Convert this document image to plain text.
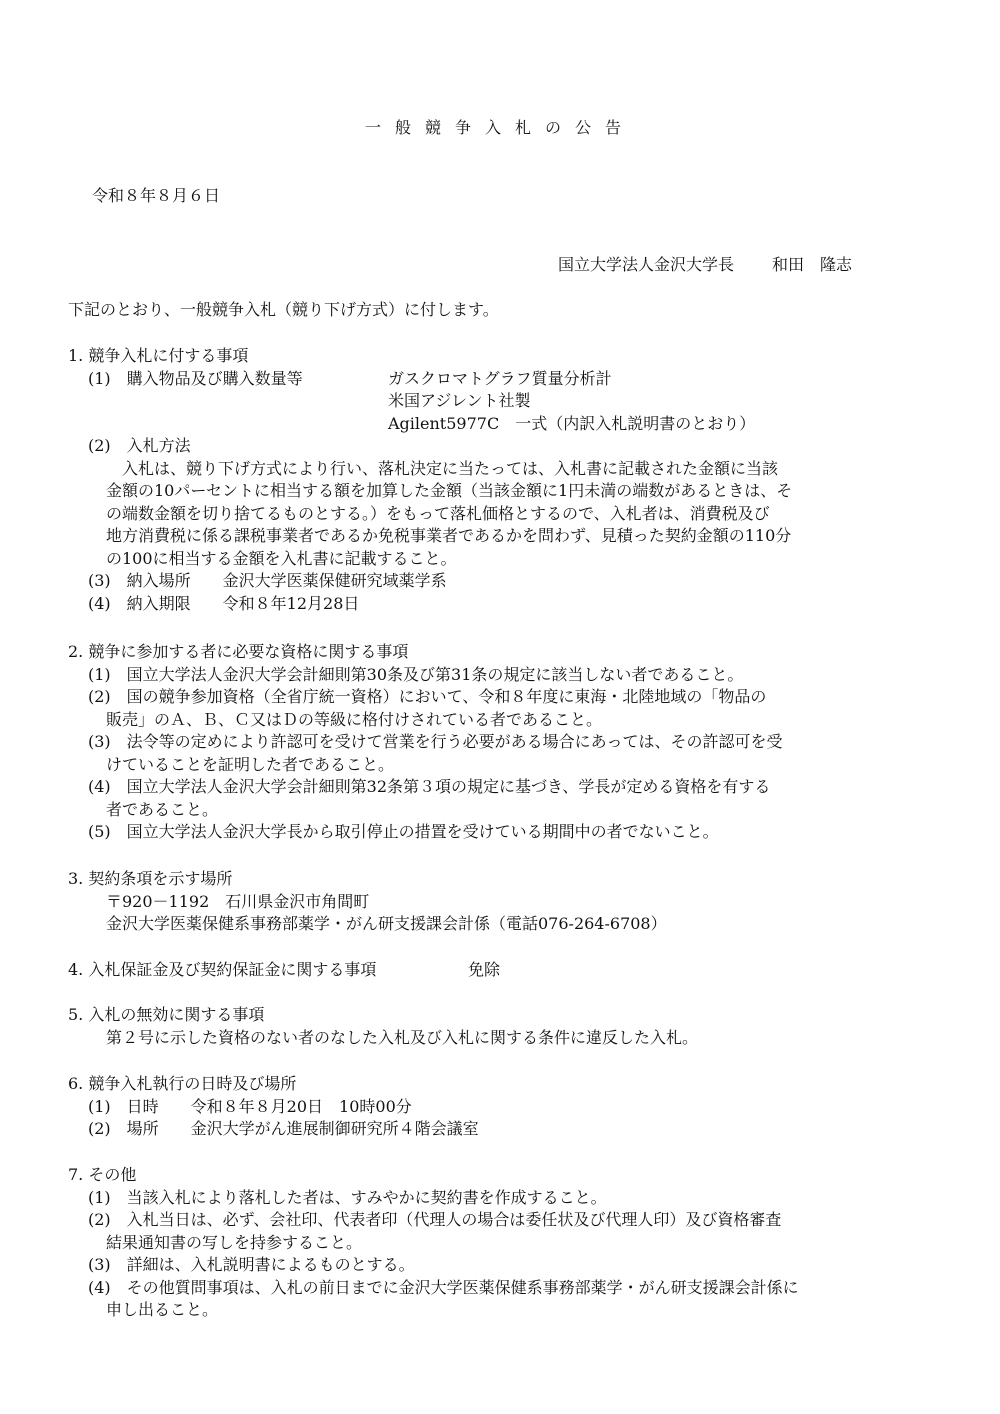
一般競争入札の公告
令和８年８月６日
国立大学法人金沢大学長 和田　隆志
下記のとおり、一般競争入札（競り下げ方式）に付します。
1. 競争入札に付する事項
(1)　購入物品及び購入数量等	ガスクロマトグラフ質量分析計
米国アジレント社製
Agilent5977C　一式（内訳入札説明書のとおり）
(2)　入札方法
入札は、競り下げ方式により行い、落札決定に当たっては、入札書に記載された金額に当該
金額の10パーセントに相当する額を加算した金額（当該金額に1円未満の端数があるときは、そ
の端数金額を切り捨てるものとする。）をもって落札価格とするので、入札者は、消費税及び
地方消費税に係る課税事業者であるか免税事業者であるかを問わず、見積った契約金額の110分
の100に相当する金額を入札書に記載すること。
(3)　納入場所　　金沢大学医薬保健研究域薬学系
(4)　納入期限　　令和８年12月28日
2. 競争に参加する者に必要な資格に関する事項
(1)　国立大学法人金沢大学会計細則第30条及び第31条の規定に該当しない者であること。
(2)　国の競争参加資格（全省庁統一資格）において、令和８年度に東海・北陸地域の「物品の
販売」のＡ、Ｂ、Ｃ又はＤの等級に格付けされている者であること。
(3)　法令等の定めにより許認可を受けて営業を行う必要がある場合にあっては、その許認可を受
けていることを証明した者であること。
(4)　国立大学法人金沢大学会計細則第32条第３項の規定に基づき、学長が定める資格を有する
者であること。
(5)　国立大学法人金沢大学長から取引停止の措置を受けている期間中の者でないこと。
3. 契約条項を示す場所
〒920－1192　石川県金沢市角間町
金沢大学医薬保健系事務部薬学・がん研支援課会計係（電話076-264-6708）
4. 入札保証金及び契約保証金に関する事項	免除
5. 入札の無効に関する事項
第２号に示した資格のない者のなした入札及び入札に関する条件に違反した入札。
6. 競争入札執行の日時及び場所
(1)　日時　　令和８年８月20日　10時00分
(2)　場所　　金沢大学がん進展制御研究所４階会議室
7. その他
(1)　当該入札により落札した者は、すみやかに契約書を作成すること。
(2)　入札当日は、必ず、会社印、代表者印（代理人の場合は委任状及び代理人印）及び資格審査
結果通知書の写しを持参すること。
(3)　詳細は、入札説明書によるものとする。
(4)　その他質問事項は、入札の前日までに金沢大学医薬保健系事務部薬学・がん研支援課会計係に
申し出ること。
